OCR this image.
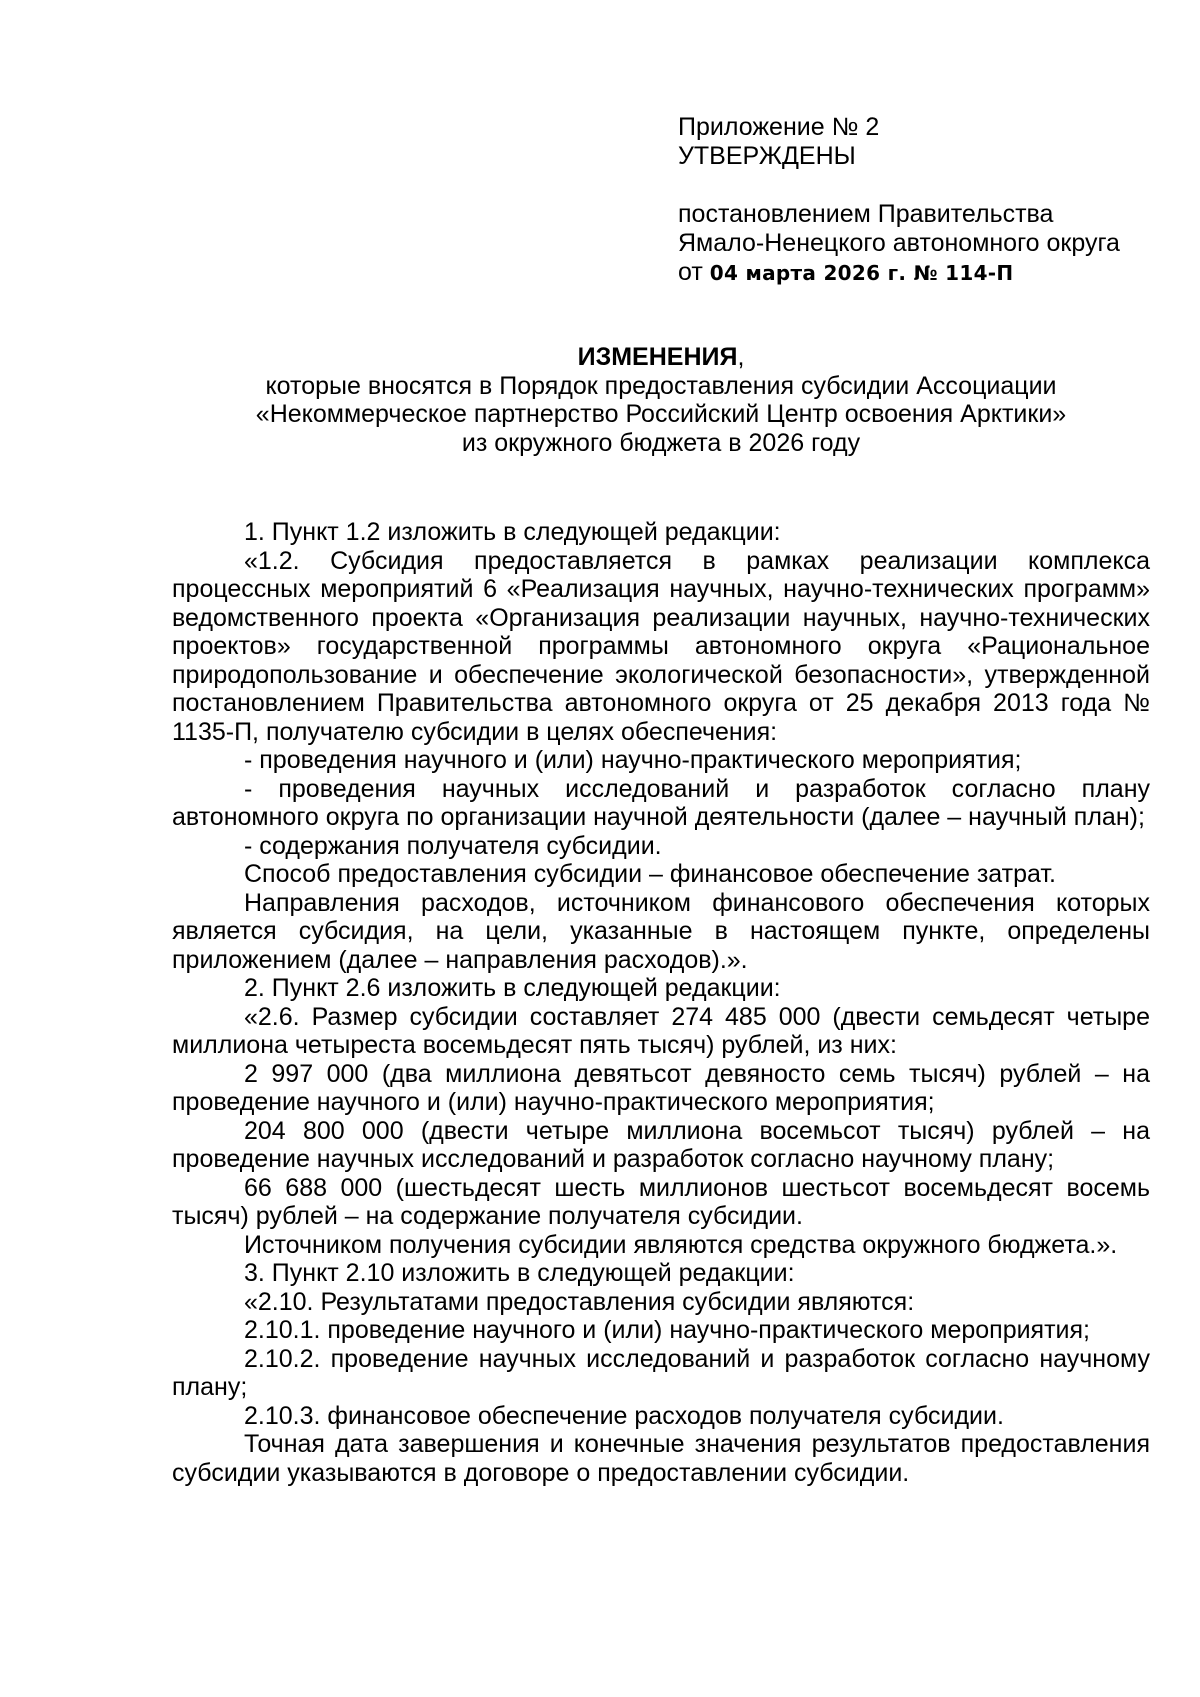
Приложение № 2
УТВЕРЖДЕНЫ
постановлением Правительства
Ямало-Ненецкого автономного округа
от 04 марта 2026 г. № 114-П
ИЗМЕНЕНИЯ,
которые вносятся в Порядок предоставления субсидии Ассоциации
«Некоммерческое партнерство Российский Центр освоения Арктики»
из окружного бюджета в 2026 году

1. Пункт 1.2 изложить в следующей редакции:

«1.2. Субсидия предоставляется в рамках реализации комплекса процессных мероприятий 6 «Реализация научных, научно-технических программ» ведомственного проекта «Организация реализации научных, научно-технических проектов» государственной программы автономного округа «Рациональное природопользование и обеспечение экологической безопасности», утвержденной постановлением Правительства автономного округа от 25 декабря 2013 года № 1135-П, получателю субсидии в целях обеспечения:

- проведения научного и (или) научно-практического мероприятия;

- проведения научных исследований и разработок согласно плану автономного округа по организации научной деятельности (далее – научный план);

- содержания получателя субсидии.

Способ предоставления субсидии – финансовое обеспечение затрат.

Направления расходов, источником финансового обеспечения которых является субсидия, на цели, указанные в настоящем пункте, определены приложением (далее – направления расходов).».

2. Пункт 2.6 изложить в следующей редакции:

«2.6. Размер субсидии составляет 274 485 000 (двести семьдесят четыре миллиона четыреста восемьдесят пять тысяч) рублей, из них:

2 997 000 (два миллиона девятьсот девяносто семь тысяч) рублей – на проведение научного и (или) научно-практического мероприятия;

204 800 000 (двести четыре миллиона восемьсот тысяч) рублей – на проведение научных исследований и разработок согласно научному плану;

66 688 000 (шестьдесят шесть миллионов шестьсот восемьдесят восемь тысяч) рублей – на содержание получателя субсидии.

Источником получения субсидии являются средства окружного бюджета.».

3. Пункт 2.10 изложить в следующей редакции:

«2.10. Результатами предоставления субсидии являются:

2.10.1. проведение научного и (или) научно-практического мероприятия;

2.10.2. проведение научных исследований и разработок согласно научному плану;

2.10.3. финансовое обеспечение расходов получателя субсидии.

Точная дата завершения и конечные значения результатов предоставления субсидии указываются в договоре о предоставлении субсидии.
